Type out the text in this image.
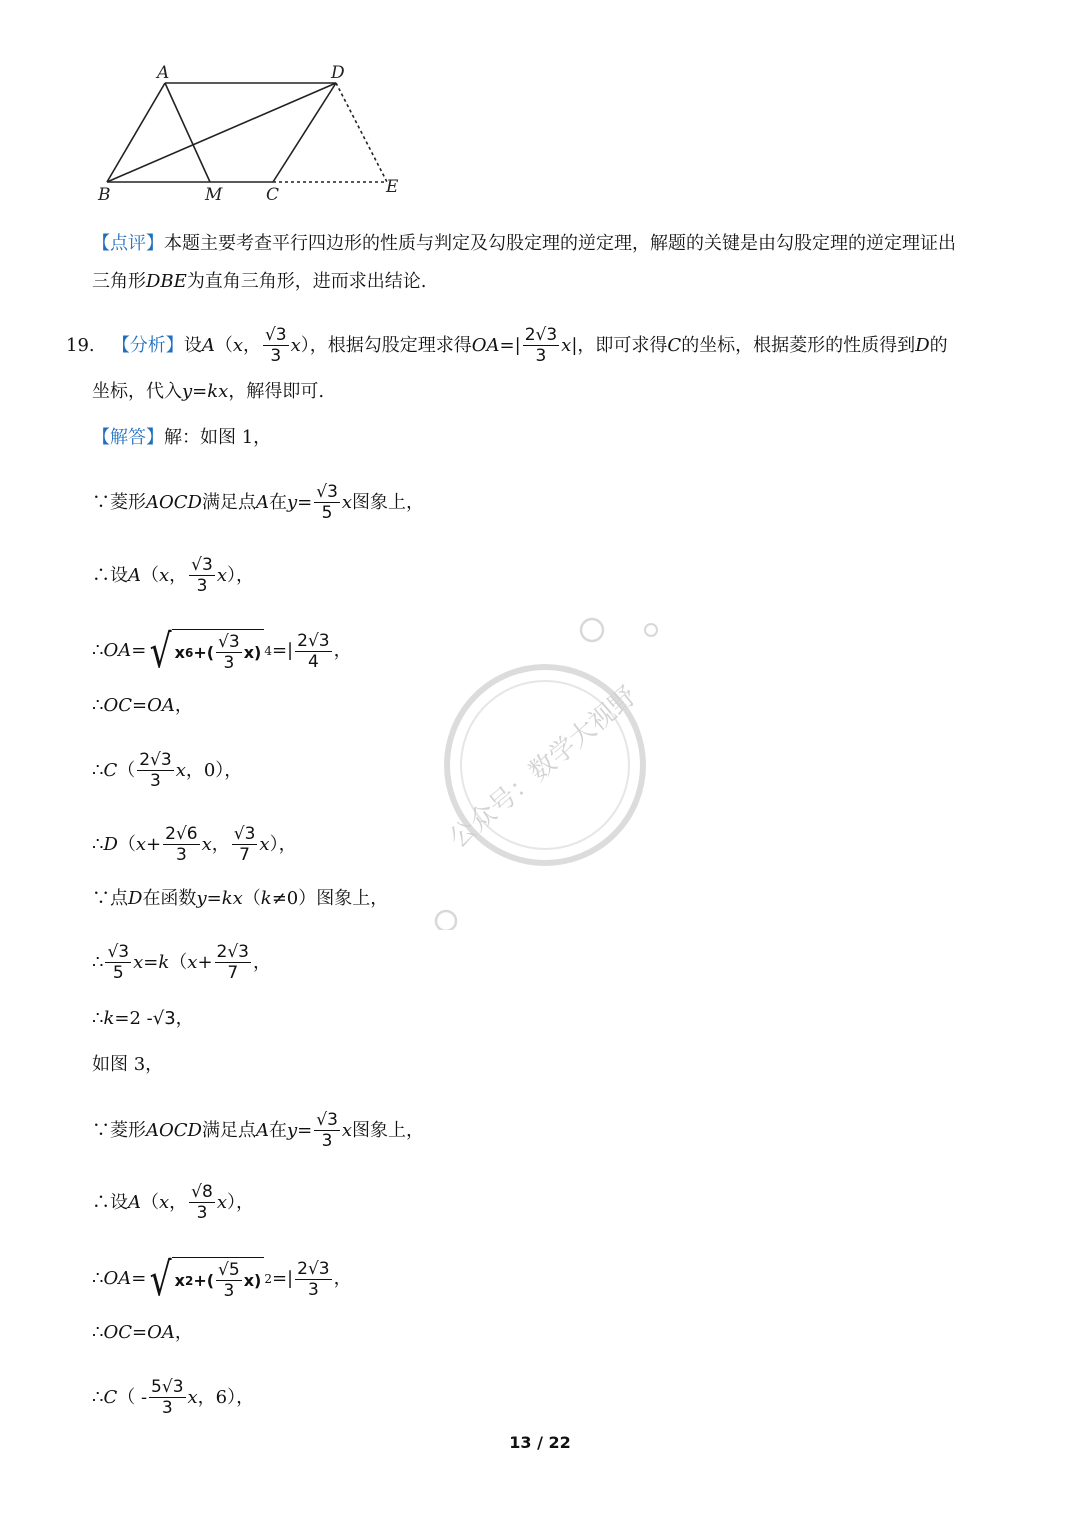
A	D
B	M	C	E
【点评】 本题主要考查平行四边形的性质与判定及勾股定理的逆定理，解题的关键是由勾股定理的逆定理证出
三角形 DBE 为直角三角形，进而求出结论.
19.
【分析】 设 A （ x ， $\frac{√3}{3}$ x ），根据勾股定理求得 OA =| $\frac{2√3}{3}$ x |，即可求得 C 的坐标，根据菱形的性质得到 D 的
坐标，代入 y = kx ，解得即可.
【解答】 解：如图 1，
∵菱形 AOCD 满足点 A 在 $y = \frac{√3}{5}$ x 图象上，
∴设 A （ x ， $\frac{√3}{3}$ x ），
∴ OA = √ x 6 +( $\frac{√3}{3}$ x ) 4 =| $\frac{2√3}{4}$ ，
∴ OC = OA ，
∴ C （ $\frac{2√3}{3}$ x ，0），
∴ D （ $x + \frac{2√6}{3}$ x ， $\frac{√3}{7}$ x ），
∵点 D 在函数 y = kx （ k ≠0）图象上，
∴ $\frac{√3}{5}$ x = k （ $x + \frac{2√3}{7}$ ，
∴ k =2 - √3 ，
如图 3，
∵菱形 AOCD 满足点 A 在 $y = \frac{√3}{3}$ x 图象上，
∴设 A （ x ， $\frac{√8}{3}$ x ），
∴ OA = √ x 2 +( $\frac{√5}{3}$ x ) 2 =| $\frac{2√3}{3}$ ，
∴ OC = OA ，
∴ C （ - $\frac{5√3}{3}$ x ，6），
公众号：数学大视野
13 / 22
